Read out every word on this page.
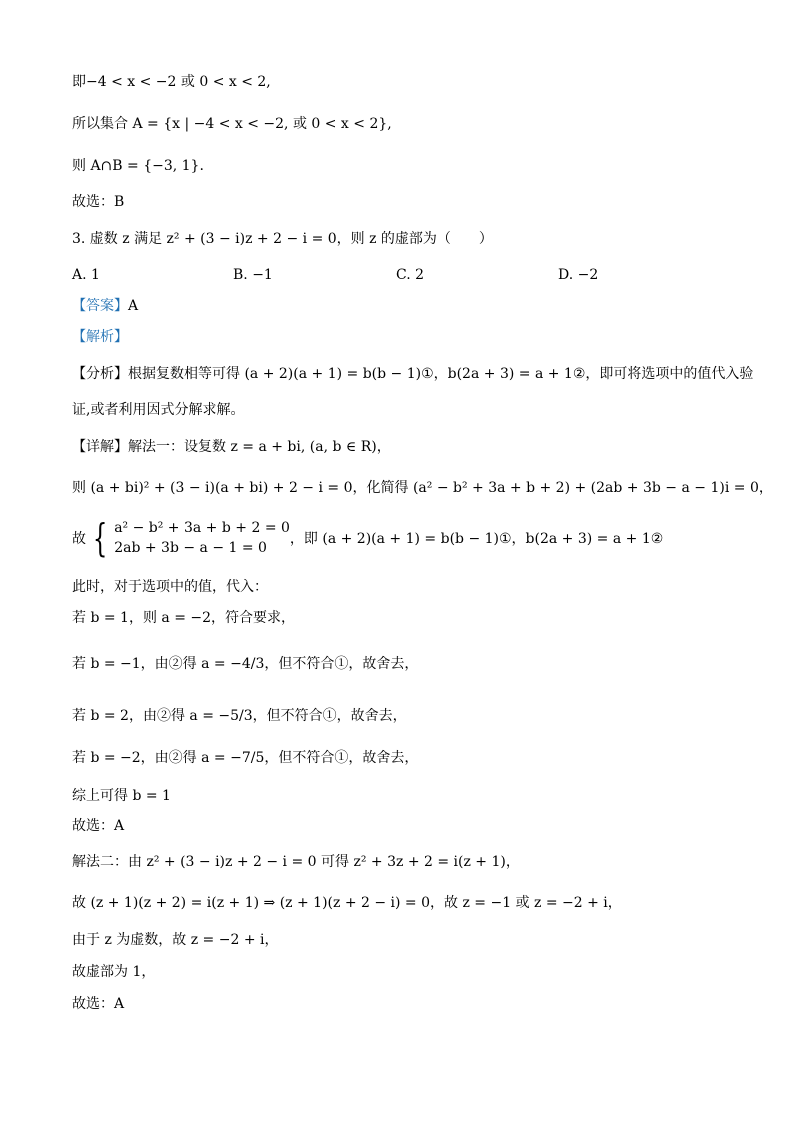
即−4 < x < −2 或 0 < x < 2,
所以集合 A = {x | −4 < x < −2, 或 0 < x < 2},
则 A∩B = {−3, 1}.
故选：B
3. 虚数 z 满足 z² + (3 − i)z + 2 − i = 0，则 z 的虚部为（　　）
A. 1	B. −1	C. 2	D. −2
【答案】A
【解析】
【分析】根据复数相等可得 (a + 2)(a + 1) = b(b − 1)①，b(2a + 3) = a + 1②，即可将选项中的值代入验
证,或者利用因式分解求解。
【详解】解法一：设复数 z = a + bi, (a, b ∈ R)，
则 (a + bi)² + (3 − i)(a + bi) + 2 − i = 0，化简得 (a² − b² + 3a + b + 2) + (2ab + 3b − a − 1)i = 0，
故 { a² − b² + 3a + b + 2 = 0
2ab + 3b − a − 1 = 0
，即 (a + 2)(a + 1) = b(b − 1)①，b(2a + 3) = a + 1②
此时，对于选项中的值，代入：
若 b = 1，则 a = −2，符合要求，
若 b = −1，由②得 a = −4/3，但不符合①，故舍去，
若 b = 2，由②得 a = −5/3，但不符合①，故舍去，
若 b = −2，由②得 a = −7/5，但不符合①，故舍去，
综上可得 b = 1
故选：A
解法二：由 z² + (3 − i)z + 2 − i = 0 可得 z² + 3z + 2 = i(z + 1)，
故 (z + 1)(z + 2) = i(z + 1) ⇒ (z + 1)(z + 2 − i) = 0，故 z = −1 或 z = −2 + i，
由于 z 为虚数，故 z = −2 + i，
故虚部为 1，
故选：A
